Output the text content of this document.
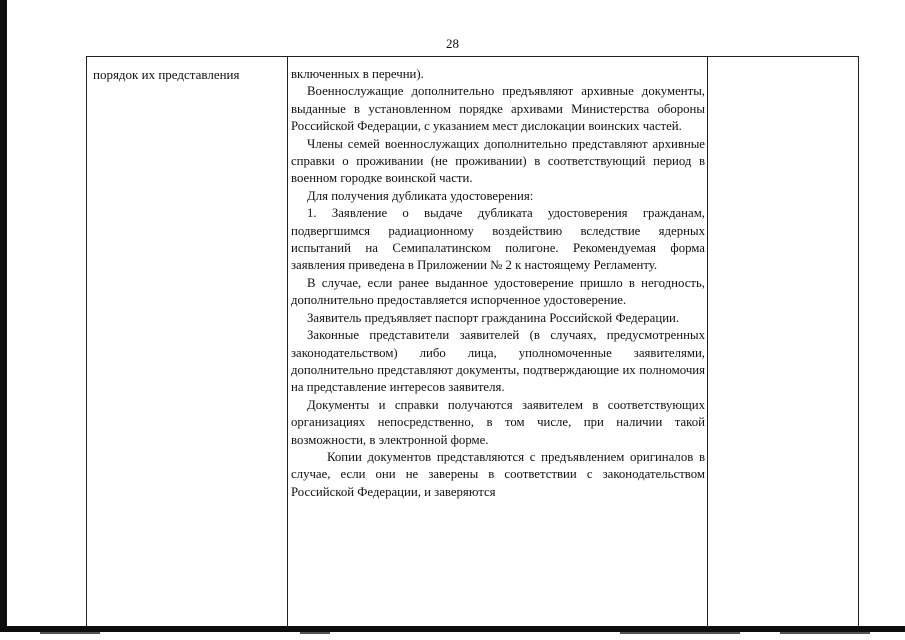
28
порядок их представления	включенных в перечни).

Военнослужащие дополнительно предъявляют архивные документы, выданные в установленном порядке архивами Министерства обороны Российской Федерации, с указанием мест дислокации воинских частей.

Члены семей военнослужащих дополнительно представляют архивные справки о проживании (не проживании) в соответствующий период в военном городке воинской части.

Для получения дубликата удостоверения:

1. Заявление о выдаче дубликата удостоверения гражданам, подвергшимся радиационному воздействию вследствие ядерных испытаний на Семипалатинском полигоне. Рекомендуемая форма заявления приведена в Приложении № 2 к настоящему Регламенту.

В случае, если ранее выданное удостоверение пришло в негодность, дополнительно предоставляется испорченное удостоверение.

Заявитель предъявляет паспорт гражданина Российской Федерации.

Законные представители заявителей (в случаях, предусмотренных законодательством) либо лица, уполномоченные заявителями, дополнительно представляют документы, подтверждающие их полномочия на представление интересов заявителя.

Документы и справки получаются заявителем в соответствующих организациях непосредственно, в том числе, при наличии такой возможности, в электронной форме.

Копии документов представляются с предъявлением оригиналов в случае, если они не заверены в соответствии с законодательством Российской Федерации, и заверяются
